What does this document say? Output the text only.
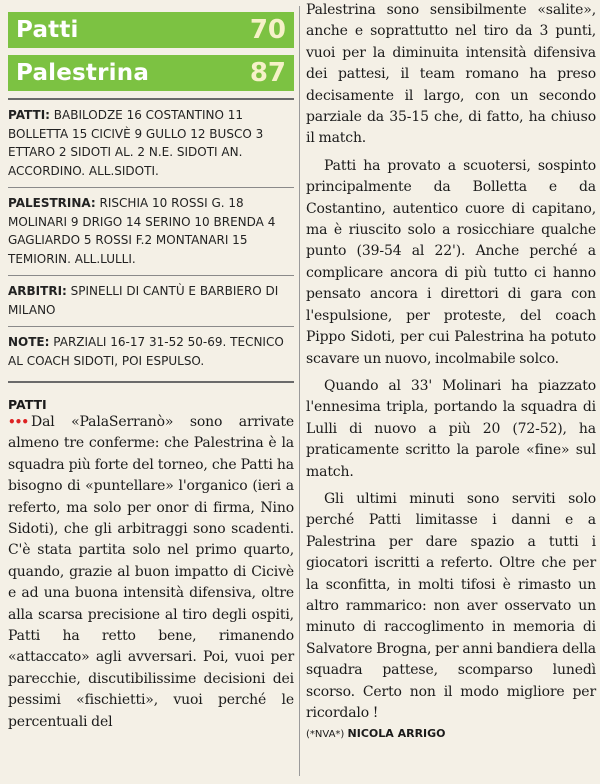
Patti	70
Palestrina	87
PATTI: BABILODZE 16 COSTANTINO 11 BOLLETTA 15 CICIVÈ 9 GULLO 12 BUSCO 3 ETTARO 2 SIDOTI AL. 2 N.E. SIDOTI AN. ACCORDINO. ALL.SIDOTI.
PALESTRINA: RISCHIA 10 ROSSI G. 18 MOLINARI 9 DRIGO 14 SERINO 10 BRENDA 4 GAGLIARDO 5 ROSSI F.2 MONTANARI 15 TEMIORIN. ALL.LULLI.
ARBITRI: SPINELLI DI CANTÙ E BARBIERO DI MILANO
NOTE: PARZIALI 16-17 31-52 50-69. TECNICO AL COACH SIDOTI, POI ESPULSO.
PATTI

••• Dal «PalaSerranò» sono arrivate almeno tre conferme: che Palestrina è la squadra più forte del torneo, che Patti ha bisogno di «puntellare» l'organico (ieri a referto, ma solo per onor di firma, Nino Sidoti), che gli arbitraggi sono scadenti. C'è stata partita solo nel primo quarto, quando, grazie al buon impatto di Cicivè e ad una buona intensità difensiva, oltre alla scarsa precisione al tiro degli ospiti, Patti ha retto bene, rimanendo «attaccato» agli avversari. Poi, vuoi per parecchie, discutibilissime decisioni dei pessimi «fischietti», vuoi perché le percentuali del

Palestrina sono sensibilmente «salite», anche e soprattutto nel tiro da 3 punti, vuoi per la diminuita intensità difensiva dei pattesi, il team romano ha preso decisamente il largo, con un secondo parziale da 35-15 che, di fatto, ha chiuso il match.

Patti ha provato a scuotersi, sospinto principalmente da Bolletta e da Costantino, autentico cuore di capitano, ma è riuscito solo a rosicchiare qualche punto (39-54 al 22'). Anche perché a complicare ancora di più tutto ci hanno pensato ancora i direttori di gara con l'espulsione, per proteste, del coach Pippo Sidoti, per cui Palestrina ha potuto scavare un nuovo, incolmabile solco.

Quando al 33' Molinari ha piazzato l'ennesima tripla, portando la squadra di Lulli di nuovo a più 20 (72-52), ha praticamente scritto la parole «fine» sul match.

Gli ultimi minuti sono serviti solo perché Patti limitasse i danni e a Palestrina per dare spazio a tutti i giocatori iscritti a referto. Oltre che per la sconfitta, in molti tifosi è rimasto un altro rammarico: non aver osservato un minuto di raccoglimento in memoria di Salvatore Brogna, per anni bandiera della squadra pattese, scomparso lunedì scorso. Certo non il modo migliore per ricordalo !

(*NVA*) NICOLA ARRIGO
